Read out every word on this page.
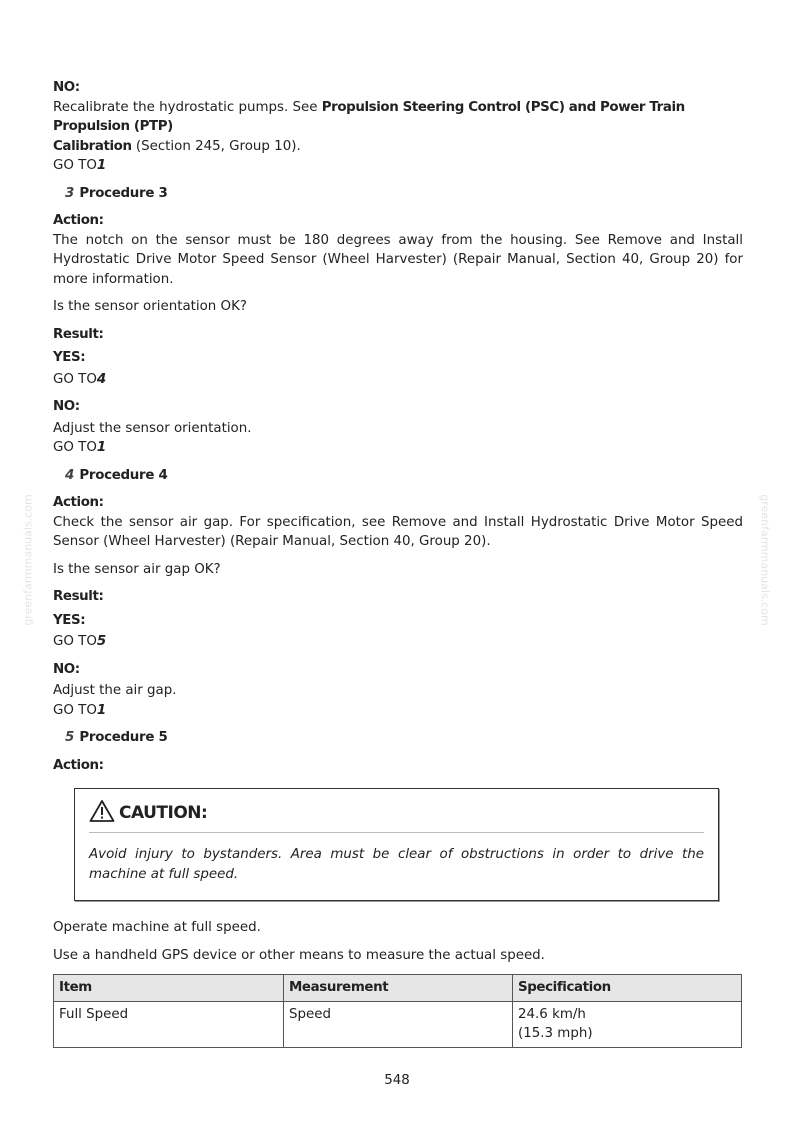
greenfarmmanuals.com	greenfarmmanuals.com

NO:

Recalibrate the hydrostatic pumps. See Propulsion Steering Control (PSC) and Power Train Propulsion (PTP)
Calibration (Section 245, Group 10).

GO TO1

3 Procedure 3

Action:

The notch on the sensor must be 180 degrees away from the housing. See Remove and Install Hydrostatic Drive Motor Speed Sensor (Wheel Harvester) (Repair Manual, Section 40, Group 20) for more information.

Is the sensor orientation OK?

Result:

YES:

GO TO4

NO:

Adjust the sensor orientation.

GO TO1

4 Procedure 4

Action:

Check the sensor air gap. For specification, see Remove and Install Hydrostatic Drive Motor Speed Sensor (Wheel Harvester) (Repair Manual, Section 40, Group 20).

Is the sensor air gap OK?

Result:

YES:

GO TO5

NO:

Adjust the air gap.

GO TO1

5 Procedure 5

Action:

CAUTION:

Avoid injury to bystanders. Area must be clear of obstructions in order to drive the machine at full speed.

Operate machine at full speed.

Use a handheld GPS device or other means to measure the actual speed.

Item	Measurement	Specification
Full Speed	Speed	24.6 km/h
(15.3 mph)
548
